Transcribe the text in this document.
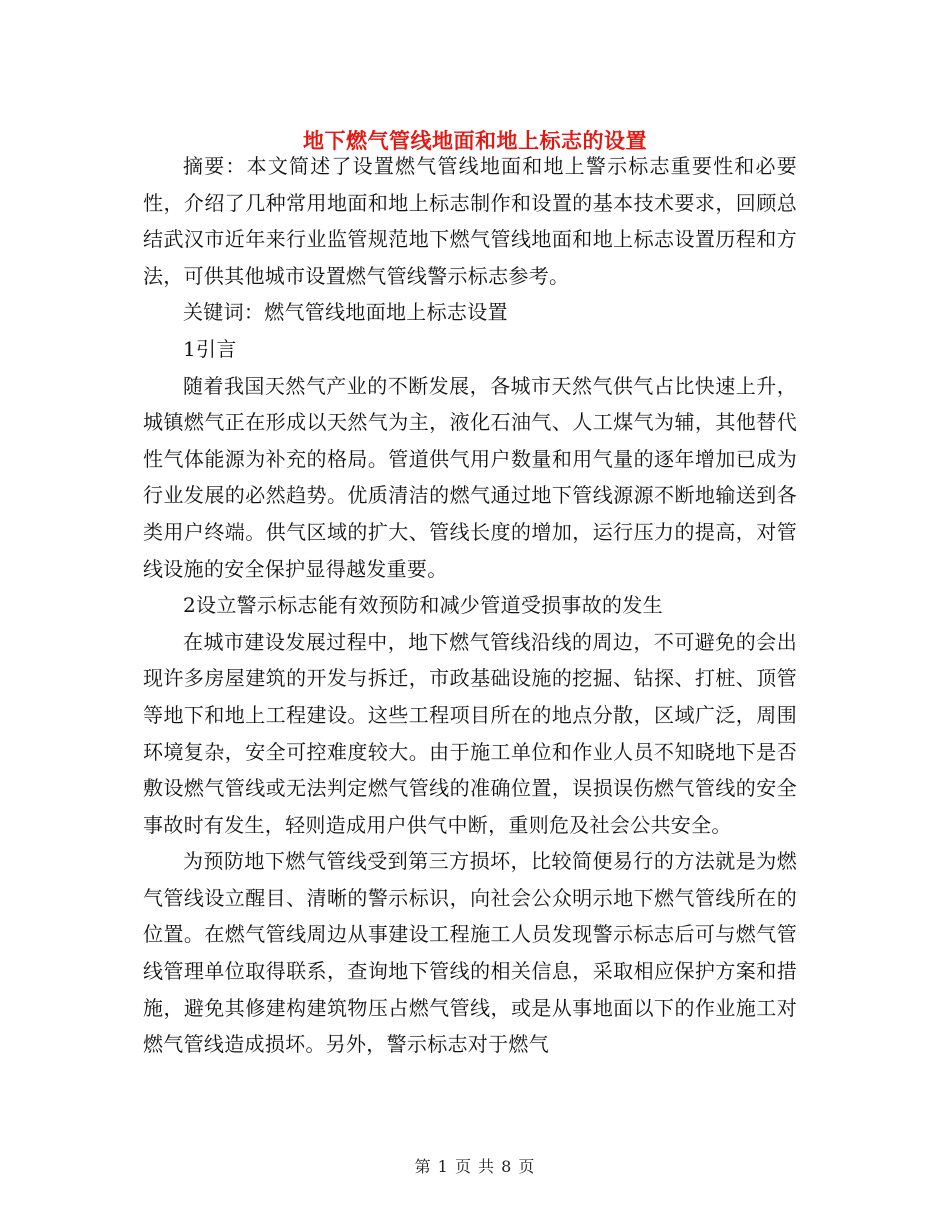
地下燃气管线地面和地上标志的设置

摘要：本文简述了设置燃气管线地面和地上警示标志重要性和必要性，介绍了几种常用地面和地上标志制作和设置的基本技术要求，回顾总结武汉市近年来行业监管规范地下燃气管线地面和地上标志设置历程和方法，可供其他城市设置燃气管线警示标志参考。

关键词：燃气管线地面地上标志设置

1引言

随着我国天然气产业的不断发展，各城市天然气供气占比快速上升，城镇燃气正在形成以天然气为主，液化石油气、人工煤气为辅，其他替代性气体能源为补充的格局。管道供气用户数量和用气量的逐年增加已成为行业发展的必然趋势。优质清洁的燃气通过地下管线源源不断地输送到各类用户终端。供气区域的扩大、管线长度的增加，运行压力的提高，对管线设施的安全保护显得越发重要。

2设立警示标志能有效预防和减少管道受损事故的发生

在城市建设发展过程中，地下燃气管线沿线的周边，不可避免的会出现许多房屋建筑的开发与拆迁，市政基础设施的挖掘、钻探、打桩、顶管等地下和地上工程建设。这些工程项目所在的地点分散，区域广泛，周围环境复杂，安全可控难度较大。由于施工单位和作业人员不知晓地下是否敷设燃气管线或无法判定燃气管线的准确位置，误损误伤燃气管线的安全事故时有发生，轻则造成用户供气中断，重则危及社会公共安全。

为预防地下燃气管线受到第三方损坏，比较简便易行的方法就是为燃气管线设立醒目、清晰的警示标识，向社会公众明示地下燃气管线所在的位置。在燃气管线周边从事建设工程施工人员发现警示标志后可与燃气管线管理单位取得联系，查询地下管线的相关信息，采取相应保护方案和措施，避免其修建构建筑物压占燃气管线，或是从事地面以下的作业施工对燃气管线造成损坏。另外，警示标志对于燃气

第 1 页 共 8 页
